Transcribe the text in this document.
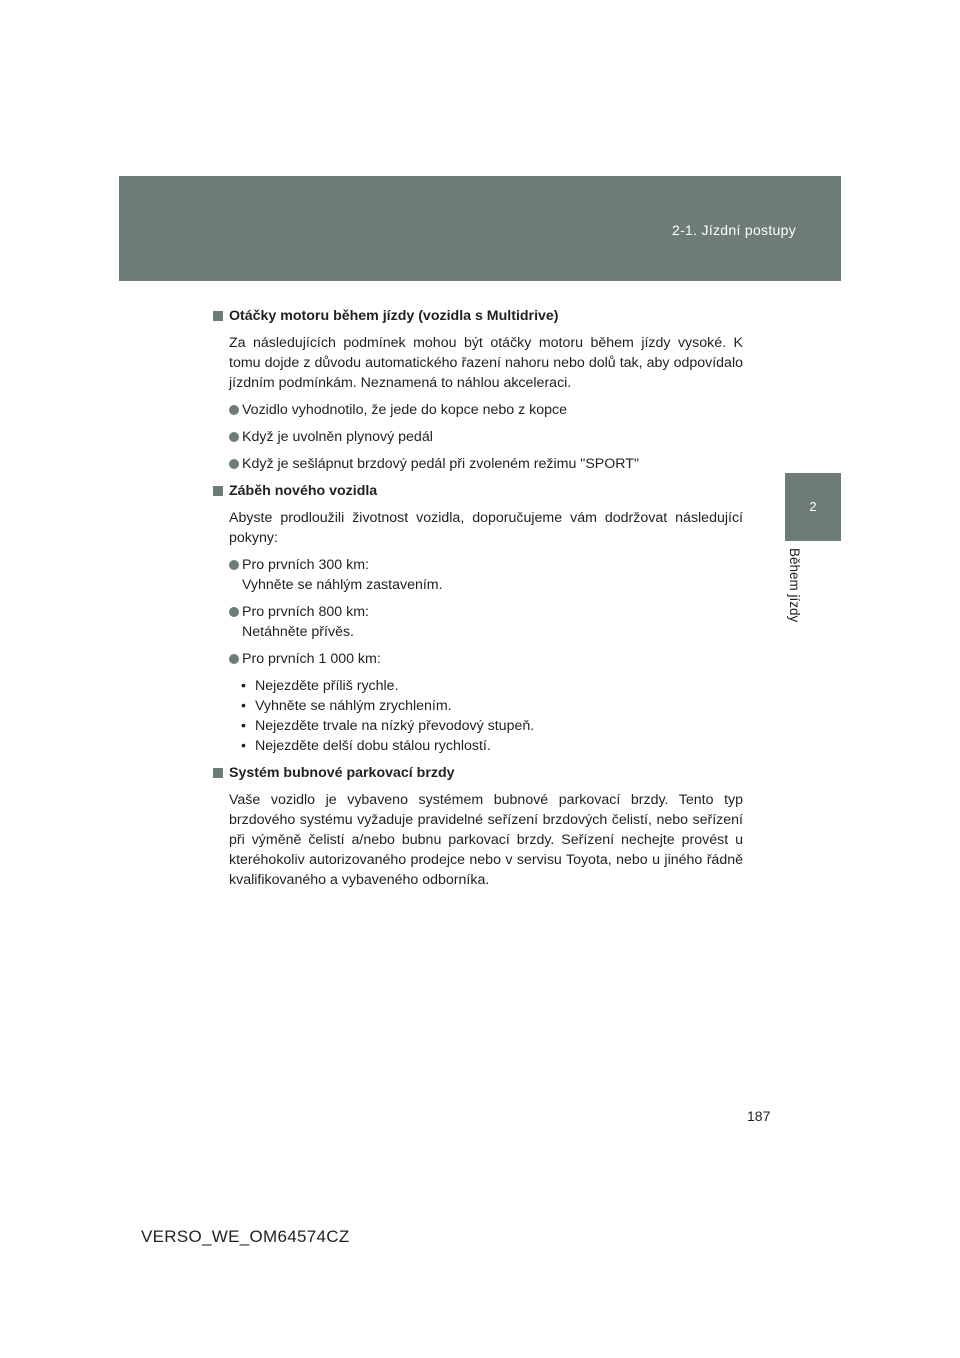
2-1. Jízdní postupy
2
Během jízdy
Otáčky motoru během jízdy (vozidla s Multidrive)

Za následujících podmínek mohou být otáčky motoru během jízdy vysoké. K tomu dojde z důvodu automatického řazení nahoru nebo dolů tak, aby odpovídalo jízdním podmínkám. Neznamená to náhlou akceleraci.

Vozidlo vyhodnotilo, že jede do kopce nebo z kopce
Když je uvolněn plynový pedál
Když je sešlápnut brzdový pedál při zvoleném režimu "SPORT"
Záběh nového vozidla

Abyste prodloužili životnost vozidla, doporučujeme vám dodržovat následující pokyny:

Pro prvních 300 km:
Vyhněte se náhlým zastavením.
Pro prvních 800 km:
Netáhněte přívěs.
Pro prvních 1 000 km:
• Nejezděte příliš rychle.
• Vyhněte se náhlým zrychlením.
• Nejezděte trvale na nízký převodový stupeň.
• Nejezděte delší dobu stálou rychlostí.
Systém bubnové parkovací brzdy

Vaše vozidlo je vybaveno systémem bubnové parkovací brzdy. Tento typ brzdového systému vyžaduje pravidelné seřízení brzdových čelistí, nebo seřízení při výměně čelistí a/nebo bubnu parkovací brzdy. Seřízení nechejte provést u kteréhokoliv autorizovaného prodejce nebo v servisu Toyota, nebo u jiného řádně kvalifikovaného a vybaveného odborníka.

187
VERSO_WE_OM64574CZ
